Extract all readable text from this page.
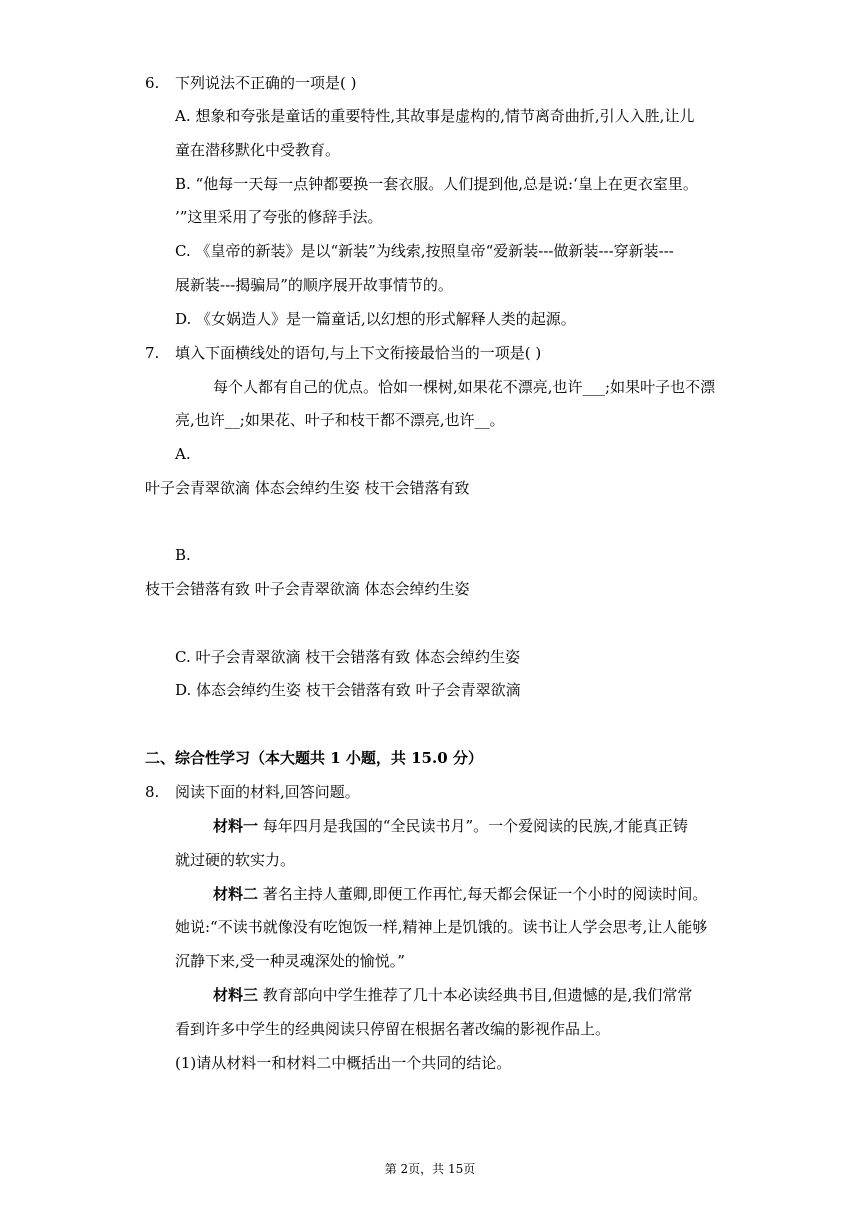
6. 下列说法不正确的一项是( )
A. 想象和夸张是童话的重要特性,其故事是虚构的,情节离奇曲折,引人入胜,让儿
童在潜移默化中受教育。
B. “他每一天每一点钟都要换一套衣服。人们提到他,总是说:‘皇上在更衣室里。
’”这里采用了夸张的修辞手法。
C. 《皇帝的新装》是以“新装”为线索,按照皇帝“爱新装---做新装---穿新装---
展新装---揭骗局”的顺序展开故事情节的。
D. 《女娲造人》是一篇童话,以幻想的形式解释人类的起源。
7. 填入下面横线处的语句,与上下文衔接最恰当的一项是( )
每个人都有自己的优点。恰如一棵树,如果花不漂亮,也许___;如果叶子也不漂
亮,也许__;如果花、叶子和枝干都不漂亮,也许__。
A.
叶子会青翠欲滴 体态会绰约生姿 枝干会错落有致
B.
枝干会错落有致 叶子会青翠欲滴 体态会绰约生姿
C. 叶子会青翠欲滴 枝干会错落有致 体态会绰约生姿
D. 体态会绰约生姿 枝干会错落有致 叶子会青翠欲滴
二、综合性学习（本大题共 1 小题，共 15.0 分）
8. 阅读下面的材料,回答问题。
材料一 每年四月是我国的“全民读书月”。一个爱阅读的民族,才能真正铸
就过硬的软实力。
材料二 著名主持人董卿,即便工作再忙,每天都会保证一个小时的阅读时间。
她说:“不读书就像没有吃饱饭一样,精神上是饥饿的。读书让人学会思考,让人能够
沉静下来,受一种灵魂深处的愉悦。”
材料三 教育部向中学生推荐了几十本必读经典书目,但遗憾的是,我们常常
看到许多中学生的经典阅读只停留在根据名著改编的影视作品上。
(1)请从材料一和材料二中概括出一个共同的结论。
第 2页，共 15页
